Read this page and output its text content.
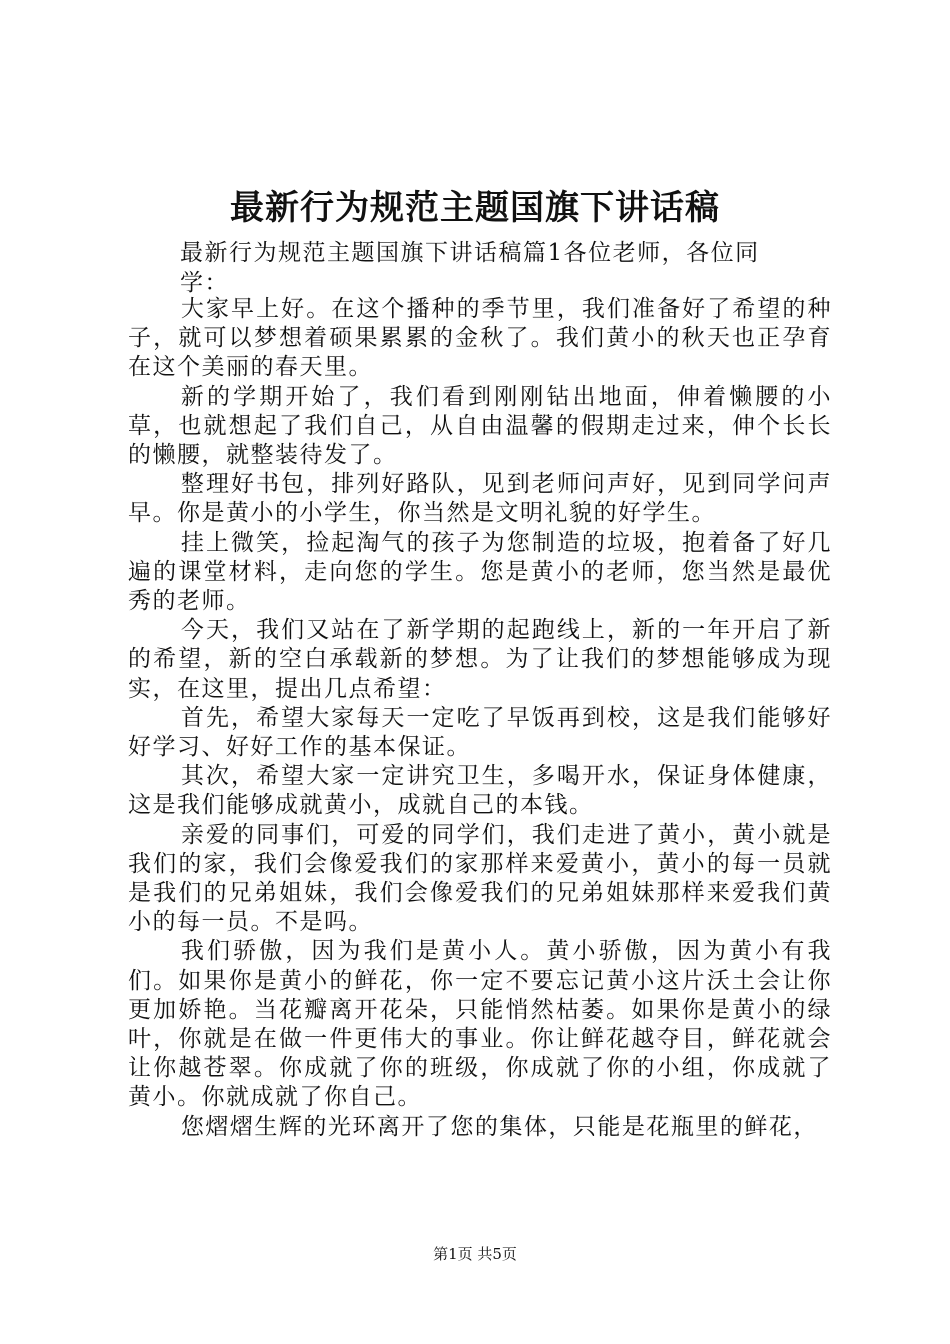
最新行为规范主题国旗下讲话稿

最新行为规范主题国旗下讲话稿篇1各位老师，各位同学：

大家早上好。在这个播种的季节里，我们准备好了希望的种子，就可以梦想着硕果累累的金秋了。我们黄小的秋天也正孕育在这个美丽的春天里。

新的学期开始了，我们看到刚刚钻出地面，伸着懒腰的小草，也就想起了我们自己，从自由温馨的假期走过来，伸个长长的懒腰，就整装待发了。

整理好书包，排列好路队，见到老师问声好，见到同学问声早。你是黄小的小学生，你当然是文明礼貌的好学生。

挂上微笑，捡起淘气的孩子为您制造的垃圾，抱着备了好几遍的课堂材料，走向您的学生。您是黄小的老师，您当然是最优秀的老师。

今天，我们又站在了新学期的起跑线上，新的一年开启了新的希望，新的空白承载新的梦想。为了让我们的梦想能够成为现实，在这里，提出几点希望：

首先，希望大家每天一定吃了早饭再到校，这是我们能够好好学习、好好工作的基本保证。

其次，希望大家一定讲究卫生，多喝开水，保证身体健康，这是我们能够成就黄小，成就自己的本钱。

亲爱的同事们，可爱的同学们，我们走进了黄小，黄小就是我们的家，我们会像爱我们的家那样来爱黄小，黄小的每一员就是我们的兄弟姐妹，我们会像爱我们的兄弟姐妹那样来爱我们黄小的每一员。不是吗。

我们骄傲，因为我们是黄小人。黄小骄傲，因为黄小有我们。如果你是黄小的鲜花，你一定不要忘记黄小这片沃土会让你更加娇艳。当花瓣离开花朵，只能悄然枯萎。如果你是黄小的绿叶，你就是在做一件更伟大的事业。你让鲜花越夺目，鲜花就会让你越苍翠。你成就了你的班级，你成就了你的小组，你成就了黄小。你就成就了你自己。

您熠熠生辉的光环离开了您的集体，只能是花瓶里的鲜花，

第1页 共5页
